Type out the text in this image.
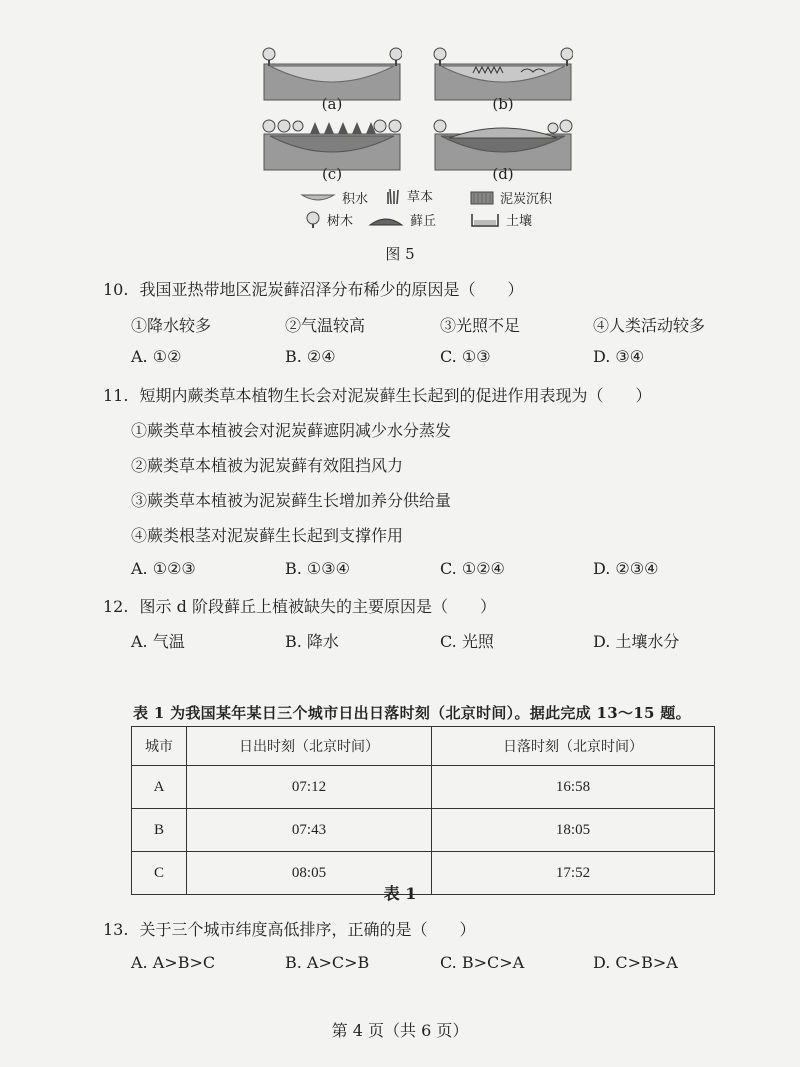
(a)	(b)
(c)	(d)
积水	草本	泥炭沉积
树木	藓丘	土壤
图 5
10. 我国亚热带地区泥炭藓沼泽分布稀少的原因是（　　）
①降水较多	②气温较高	③光照不足	④人类活动较多
A. ①②	B. ②④	C. ①③	D. ③④
11. 短期内蕨类草本植物生长会对泥炭藓生长起到的促进作用表现为（　　）
①蕨类草本植被会对泥炭藓遮阴减少水分蒸发
②蕨类草本植被为泥炭藓有效阻挡风力
③蕨类草本植被为泥炭藓生长增加养分供给量
④蕨类根茎对泥炭藓生长起到支撑作用
A. ①②③	B. ①③④	C. ①②④	D. ②③④
12. 图示 d 阶段藓丘上植被缺失的主要原因是（　　）
A. 气温	B. 降水	C. 光照	D. 土壤水分
表 1 为我国某年某日三个城市日出日落时刻（北京时间）。据此完成 13～15 题。
城市	日出时刻（北京时间）	日落时刻（北京时间）
A	07:12	16:58
B	07:43	18:05
C	08:05	17:52
表 1
13. 关于三个城市纬度高低排序，正确的是（　　）
A. A>B>C	B. A>C>B	C. B>C>A	D. C>B>A
第 4 页（共 6 页）
